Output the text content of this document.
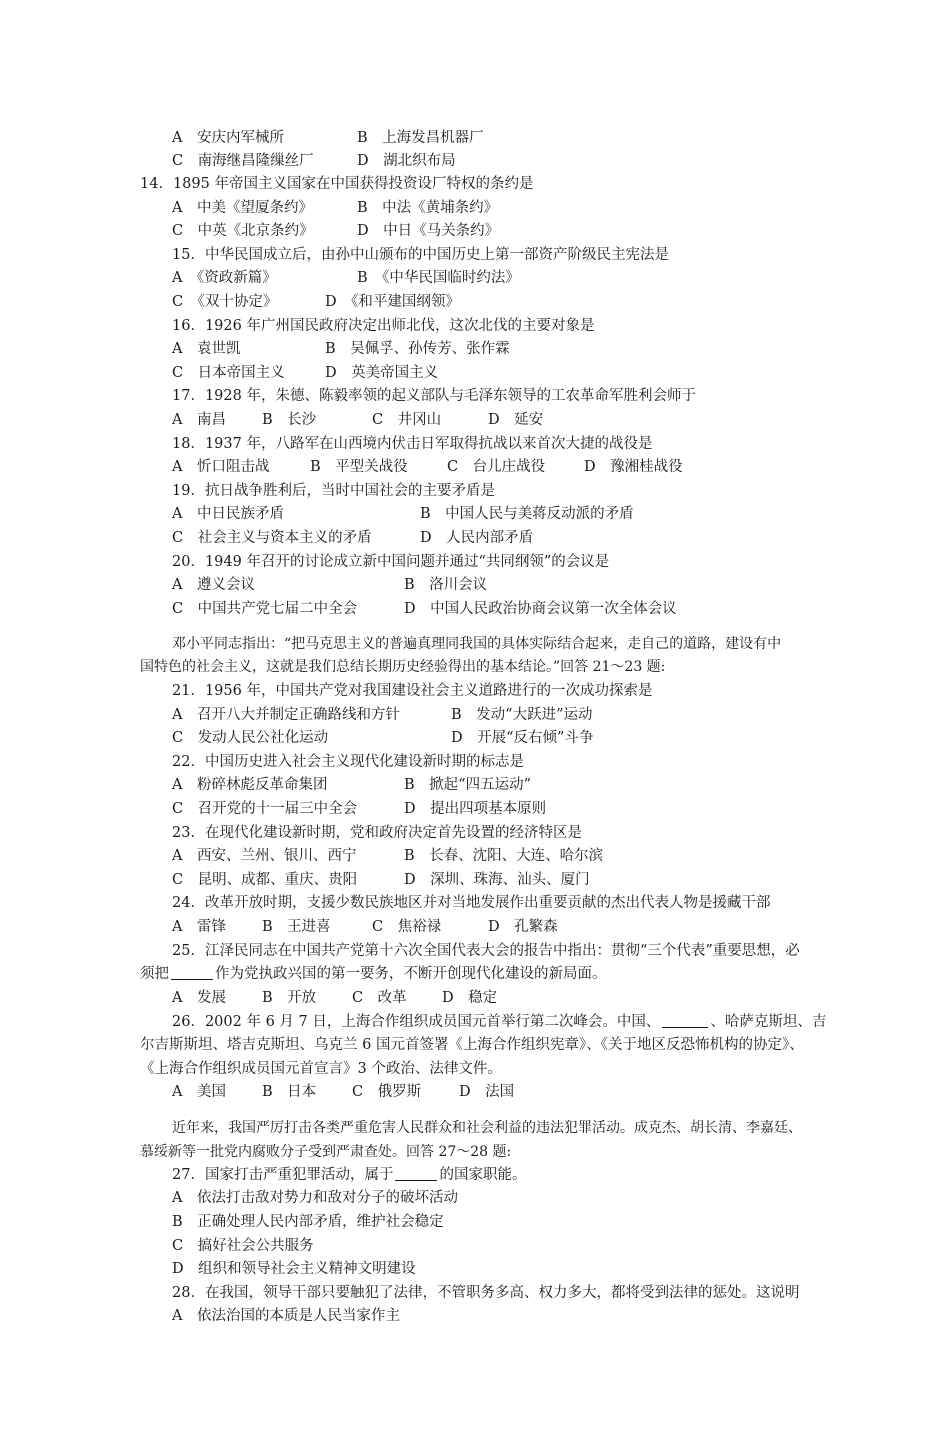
A　安庆内军械所	B　上海发昌机器厂
C　南海继昌隆缫丝厂	D　湖北织布局
14．1895 年帝国主义国家在中国获得投资设厂特权的条约是
A　中美《望厦条约》	B　中法《黄埔条约》
C　中英《北京条约》	D　中日《马关条约》
15．中华民国成立后，由孙中山颁布的中国历史上第一部资产阶级民主宪法是
A　《资政新篇》	B　《中华民国临时约法》
C　《双十协定》	D　《和平建国纲领》
16．1926 年广州国民政府决定出师北伐，这次北伐的主要对象是
A　袁世凯	B　吴佩孚、孙传芳、张作霖
C　日本帝国主义	D　英美帝国主义
17．1928 年，朱德、陈毅率领的起义部队与毛泽东领导的工农革命军胜利会师于
A　南昌 B　长沙	C　井冈山	D　延安
18．1937 年，八路军在山西境内伏击日军取得抗战以来首次大捷的战役是
A　忻口阻击战	B　平型关战役	C　台儿庄战役	D　豫湘桂战役
19．抗日战争胜利后，当时中国社会的主要矛盾是
A　中日民族矛盾	B　中国人民与美蒋反动派的矛盾
C　社会主义与资本主义的矛盾	D　人民内部矛盾
20．1949 年召开的讨论成立新中国问题并通过“共同纲领”的会议是
A　遵义会议	B　洛川会议
C　中国共产党七届二中全会	D　中国人民政治协商会议第一次全体会议
邓小平同志指出：“把马克思主义的普遍真理同我国的具体实际结合起来，走自己的道路，建设有中
国特色的社会主义，这就是我们总结长期历史经验得出的基本结论。”回答 21～23 题:
21．1956 年，中国共产党对我国建设社会主义道路进行的一次成功探索是
A　召开八大并制定正确路线和方针	B　发动“大跃进”运动
C　发动人民公社化运动	D　开展“反右倾”斗争
22．中国历史进入社会主义现代化建设新时期的标志是
A　粉碎林彪反革命集团	B　掀起“四五运动”
C　召开党的十一届三中全会	D　提出四项基本原则
23．在现代化建设新时期，党和政府决定首先设置的经济特区是
A　西安、兰州、银川、西宁	B　长春、沈阳、大连、哈尔滨
C　昆明、成都、重庆、贵阳	D　深圳、珠海、汕头、厦门
24．改革开放时期，支援少数民族地区并对当地发展作出重要贡献的杰出代表人物是援藏干部
A　雷锋 B　王进喜	C　焦裕禄	D　孔繁森
25．江泽民同志在中国共产党第十六次全国代表大会的报告中指出：贯彻“三个代表”重要思想，必
须把	作为党执政兴国的第一要务，不断开创现代化建设的新局面。
A　发展 B　开放 C　改革 D　稳定
26．2002 年 6 月 7 日，上海合作组织成员国元首举行第二次峰会。中国、	、哈萨克斯坦、吉
尔吉斯斯坦、塔吉克斯坦、乌克兰 6 国元首签署《上海合作组织宪章》、《关于地区反恐怖机构的协定》、
《上海合作组织成员国元首宣言》3 个政治、法律文件。
A　美国 B　日本 C　俄罗斯	D　法国
近年来，我国严厉打击各类严重危害人民群众和社会利益的违法犯罪活动。成克杰、胡长清、李嘉廷、
慕绥新等一批党内腐败分子受到严肃查处。回答 27～28 题:
27．国家打击严重犯罪活动，属于	的国家职能。
A　依法打击敌对势力和敌对分子的破坏活动
B　正确处理人民内部矛盾，维护社会稳定
C　搞好社会公共服务
D　组织和领导社会主义精神文明建设
28．在我国，领导干部只要触犯了法律，不管职务多高、权力多大，都将受到法律的惩处。这说明
A　依法治国的本质是人民当家作主
